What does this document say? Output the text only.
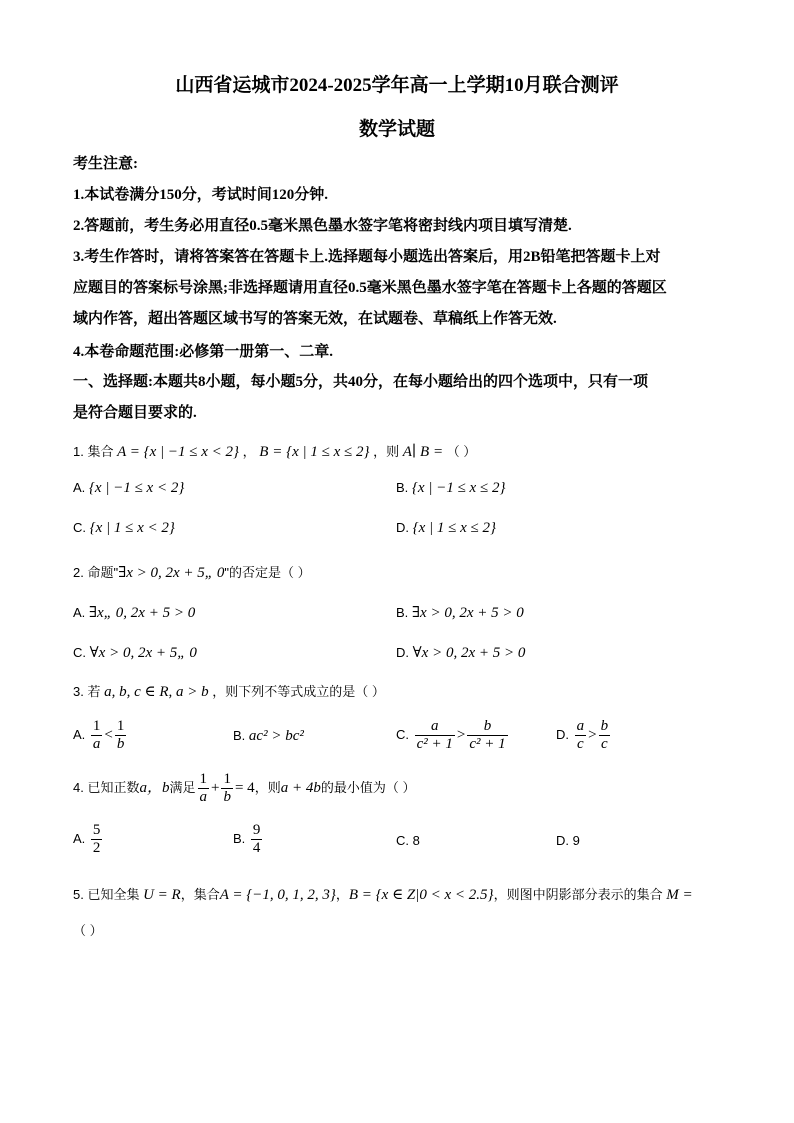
山西省运城市2024-2025学年高一上学期10月联合测评
数学试题
考生注意:
1.本试卷满分150分，考试时间120分钟.
2.答题前，考生务必用直径0.5毫米黑色墨水签字笔将密封线内项目填写清楚.
3.考生作答时，请将答案答在答题卡上.选择题每小题选出答案后，用2B铅笔把答题卡上对
应题目的答案标号涂黑;非选择题请用直径0.5毫米黑色墨水签字笔在答题卡上各题的答题区
域内作答，超出答题区域书写的答案无效，在试题卷、草稿纸上作答无效.
4.本卷命题范围:必修第一册第一、二章.
一、选择题:本题共8小题，每小题5分，共40分，在每小题给出的四个选项中，只有一项
是符合题目要求的.
1. 集合 A = {x | −1 ≤ x < 2} ， B = {x | 1 ≤ x ≤ 2} ，则 A∣ B = （ ）
A. {x | −1 ≤ x < 2}	B. {x | −1 ≤ x ≤ 2}
C. {x | 1 ≤ x < 2}	D. {x | 1 ≤ x ≤ 2}
2. 命题"∃x > 0, 2x + 5„ 0"的否定是（ ）
A. ∃x„ 0, 2x + 5 > 0	B. ∃x > 0, 2x + 5 > 0
C. ∀x > 0, 2x + 5„ 0	D. ∀x > 0, 2x + 5 > 0
3. 若 a, b, c ∈ R, a > b ，则下列不等式成立的是（ ）
A. $\frac{1}{a} < \frac{1}{b}$	B. ac² > bc²	C. $\frac{a}{\text{c² + 1}} > \frac{b}{\text{c² + 1}}$	D. $\frac{a}{c} > \frac{b}{c}$
4. 已知正数a，b满足 $\frac{1}{a} + \frac{1}{b} = 4$，则a + 4b的最小值为（ ）
A. $\frac{5}{2}$	B. $\frac{9}{4}$	C. 8	D. 9
5. 已知全集 U = R，集合A = {−1, 0, 1, 2, 3}，B = {x ∈ Z|0 < x < 2.5}，则图中阴影部分表示的集合 M =
（ ）
